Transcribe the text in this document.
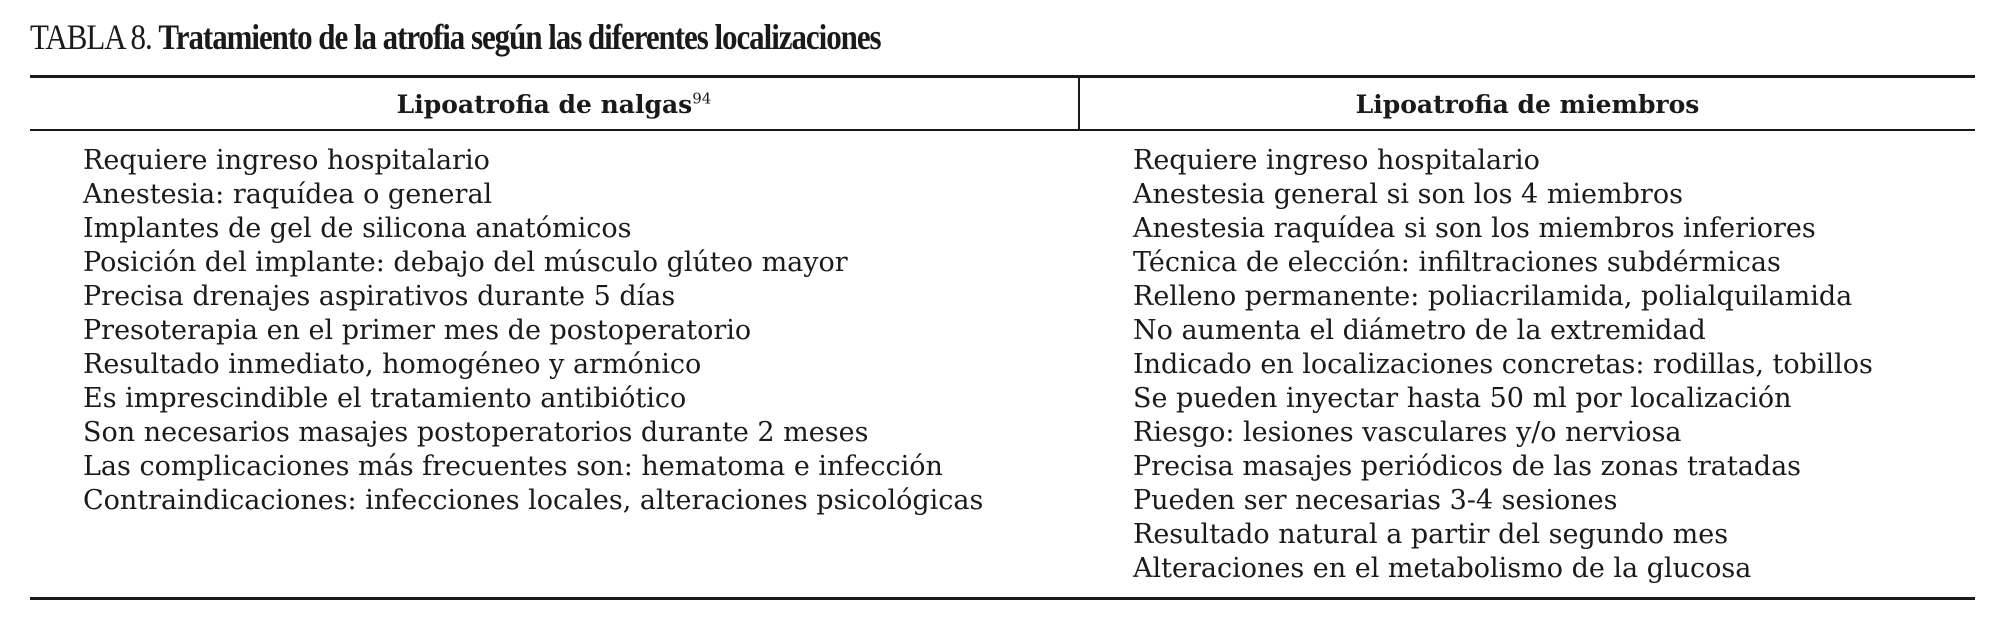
TABLA 8. Tratamiento de la atrofia según las diferentes localizaciones
Lipoatrofia de nalgas$^{94}$	Lipoatrofia de miembros
Requiere ingreso hospitalario
Anestesia: raquídea o general
Implantes de gel de silicona anatómicos
Posición del implante: debajo del músculo glúteo mayor
Precisa drenajes aspirativos durante 5 días
Presoterapia en el primer mes de postoperatorio
Resultado inmediato, homogéneo y armónico
Es imprescindible el tratamiento antibiótico
Son necesarios masajes postoperatorios durante 2 meses
Las complicaciones más frecuentes son: hematoma e infección
Contraindicaciones: infecciones locales, alteraciones psicológicas
Requiere ingreso hospitalario
Anestesia general si son los 4 miembros
Anestesia raquídea si son los miembros inferiores
Técnica de elección: infiltraciones subdérmicas
Relleno permanente: poliacrilamida, polialquilamida
No aumenta el diámetro de la extremidad
Indicado en localizaciones concretas: rodillas, tobillos
Se pueden inyectar hasta 50 ml por localización
Riesgo: lesiones vasculares y/o nerviosa
Precisa masajes periódicos de las zonas tratadas
Pueden ser necesarias 3-4 sesiones
Resultado natural a partir del segundo mes
Alteraciones en el metabolismo de la glucosa
